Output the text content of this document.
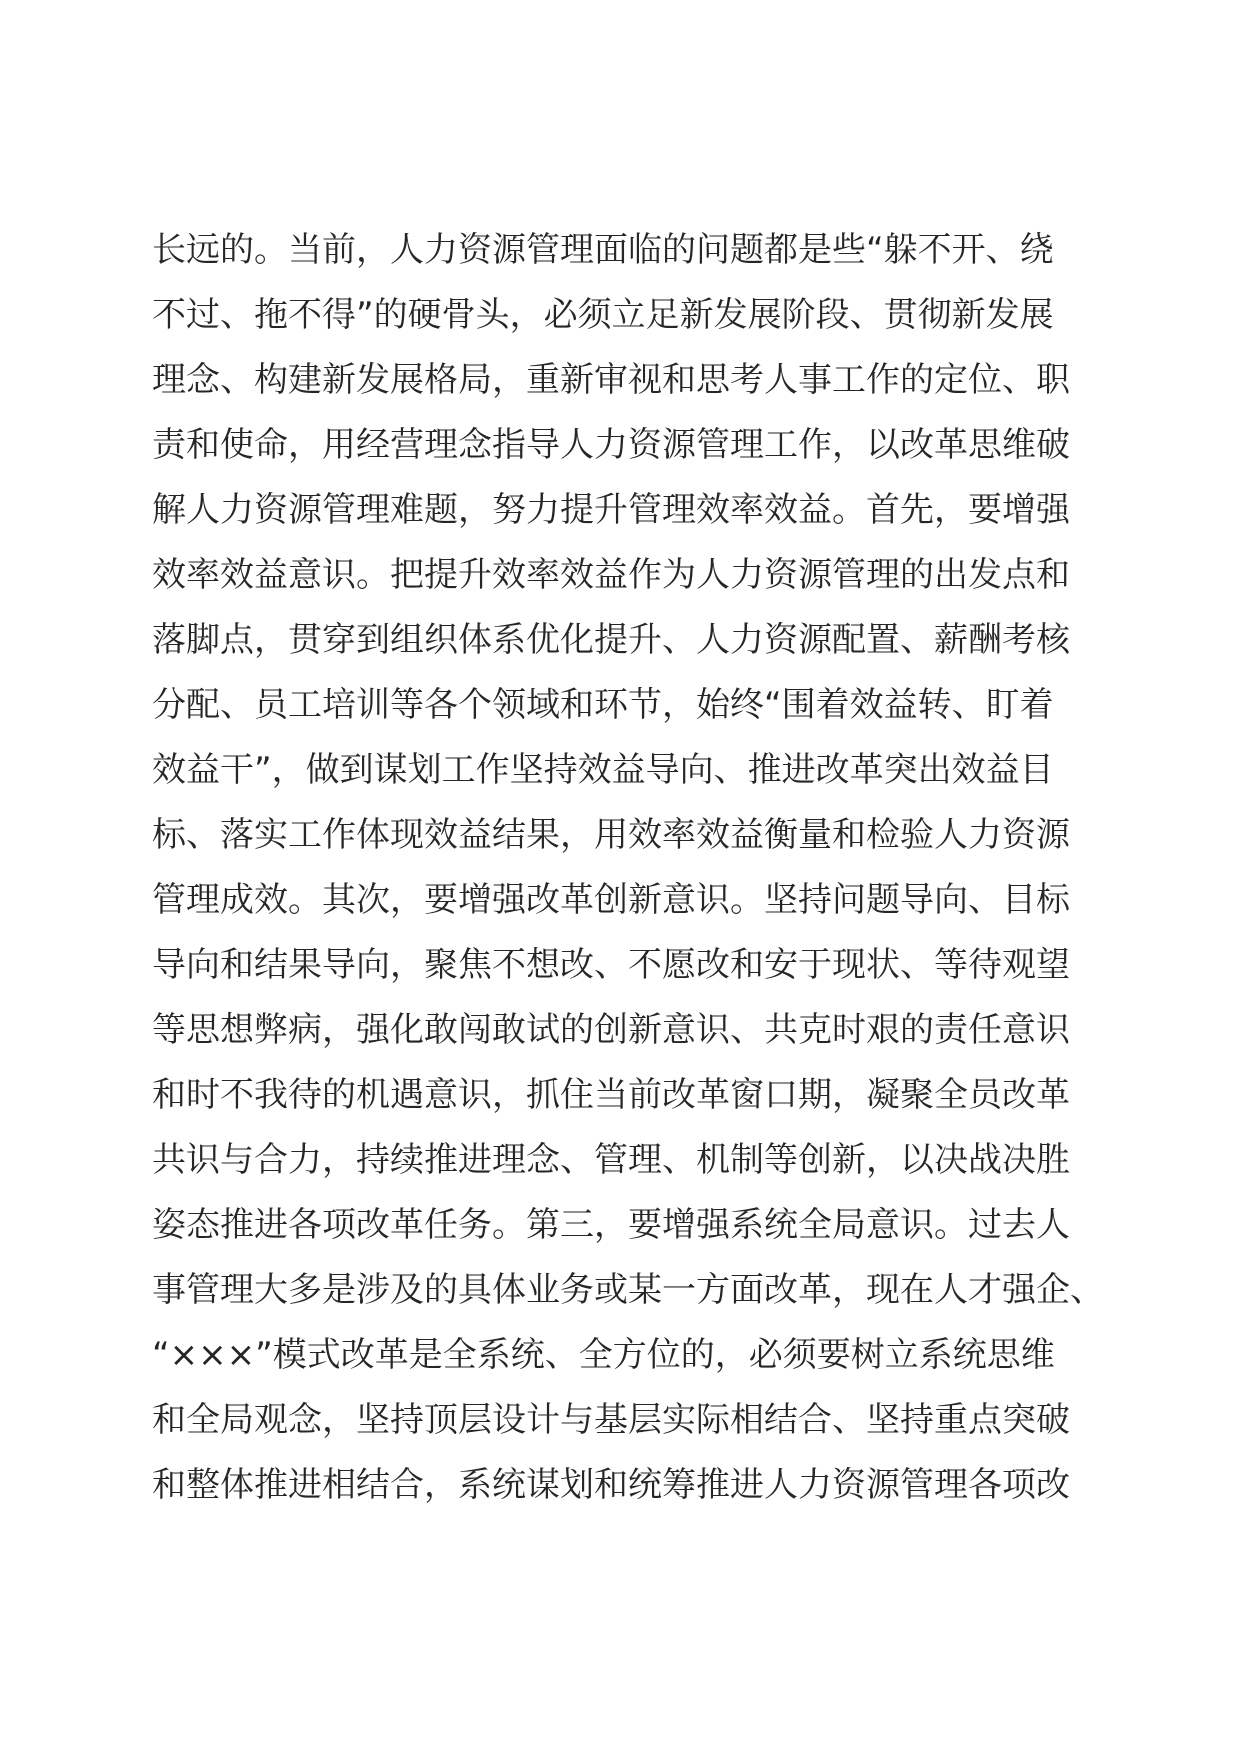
长远的。当前，人力资源管理面临的问题都是些“躲不开、绕
不过、拖不得”的硬骨头，必须立足新发展阶段、贯彻新发展
理念、构建新发展格局，重新审视和思考人事工作的定位、职
责和使命，用经营理念指导人力资源管理工作，以改革思维破
解人力资源管理难题，努力提升管理效率效益。首先，要增强
效率效益意识。把提升效率效益作为人力资源管理的出发点和
落脚点，贯穿到组织体系优化提升、人力资源配置、薪酬考核
分配、员工培训等各个领域和环节，始终“围着效益转、盯着
效益干”，做到谋划工作坚持效益导向、推进改革突出效益目
标、落实工作体现效益结果，用效率效益衡量和检验人力资源
管理成效。其次，要增强改革创新意识。坚持问题导向、目标
导向和结果导向，聚焦不想改、不愿改和安于现状、等待观望
等思想弊病，强化敢闯敢试的创新意识、共克时艰的责任意识
和时不我待的机遇意识，抓住当前改革窗口期，凝聚全员改革
共识与合力，持续推进理念、管理、机制等创新，以决战决胜
姿态推进各项改革任务。第三，要增强系统全局意识。过去人
事管理大多是涉及的具体业务或某一方面改革，现在人才强企、
“×××”模式改革是全系统、全方位的，必须要树立系统思维
和全局观念，坚持顶层设计与基层实际相结合、坚持重点突破
和整体推进相结合，系统谋划和统筹推进人力资源管理各项改
